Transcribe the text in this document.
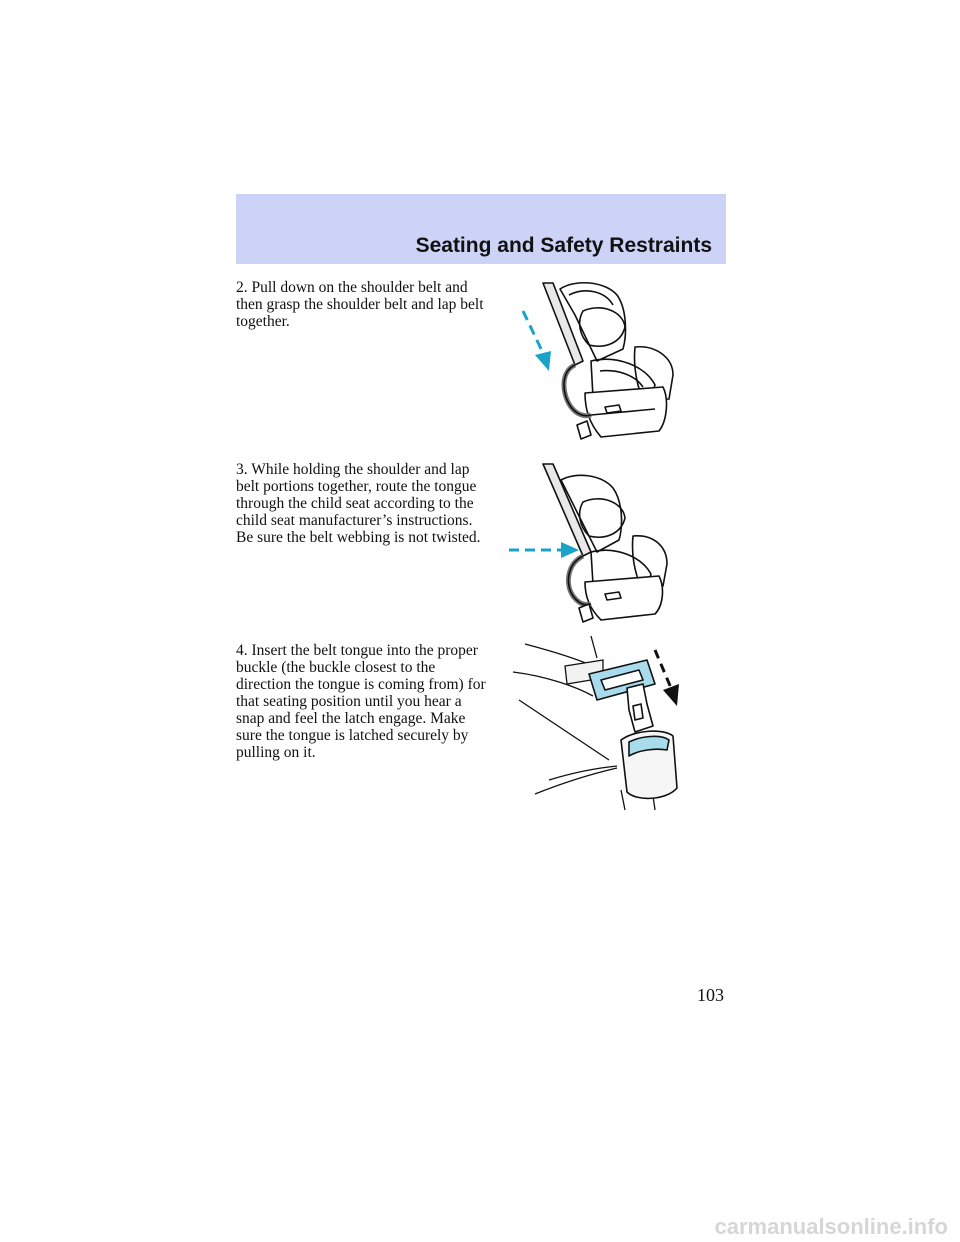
Seating and Safety Restraints

2. Pull down on the shoulder belt and then grasp the shoulder belt and lap belt together.

3. While holding the shoulder and lap belt portions together, route the tongue through the child seat according to the child seat manufacturer’s instructions. Be sure the belt webbing is not twisted.

4. Insert the belt tongue into the proper buckle (the buckle closest to the direction the tongue is coming from) for that seating position until you hear a snap and feel the latch engage. Make sure the tongue is latched securely by pulling on it.

103
carmanualsonline.info
